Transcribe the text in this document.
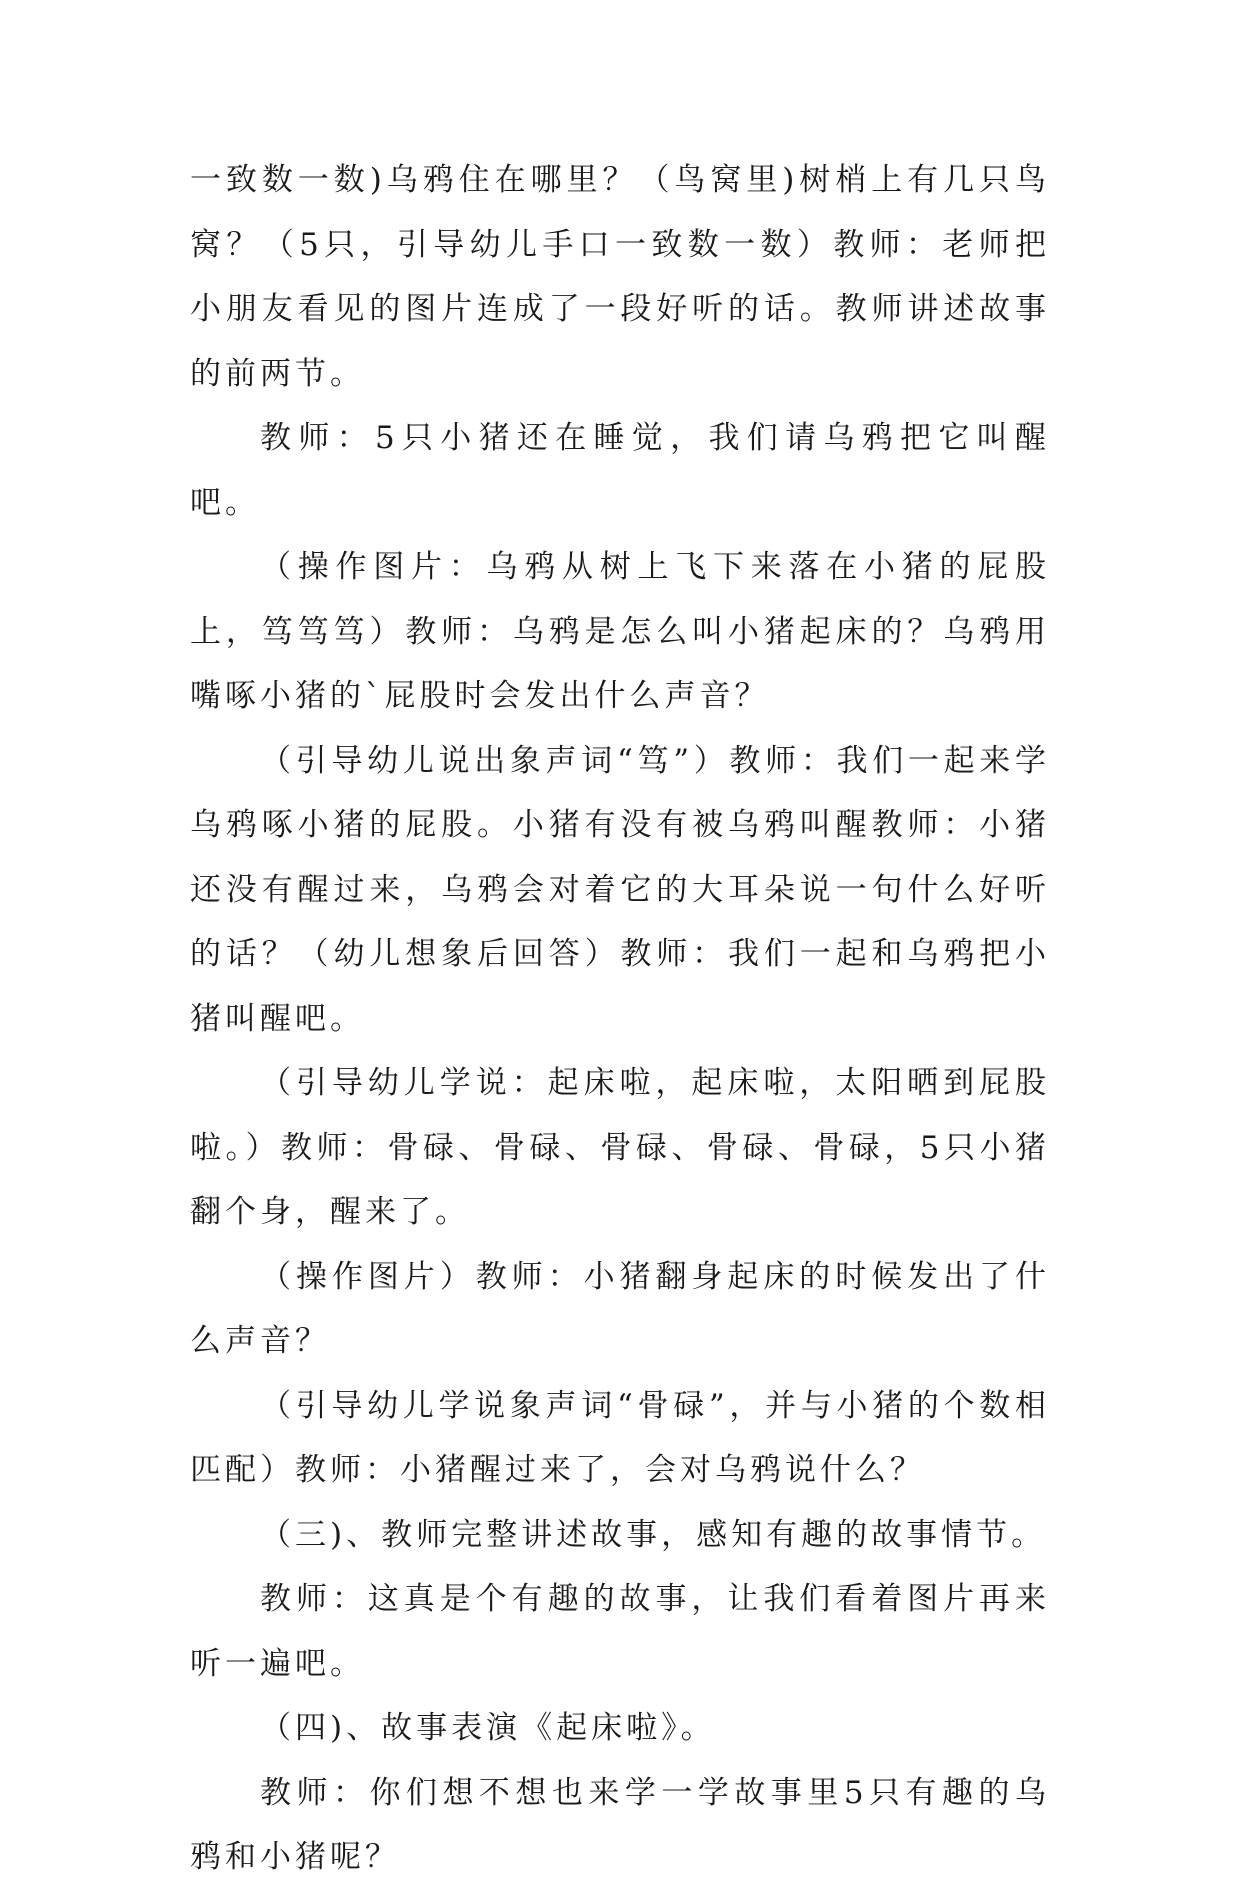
一致数一数)乌鸦住在哪里？（鸟窝里)树梢上有几只鸟窝？（5只，引导幼儿手口一致数一数）教师：老师把小朋友看见的图片连成了一段好听的话。教师讲述故事的前两节。

教师：5只小猪还在睡觉，我们请乌鸦把它叫醒吧。

（操作图片：乌鸦从树上飞下来落在小猪的屁股上，笃笃笃）教师：乌鸦是怎么叫小猪起床的？乌鸦用嘴啄小猪的`屁股时会发出什么声音？

（引导幼儿说出象声词“笃”）教师：我们一起来学乌鸦啄小猪的屁股。小猪有没有被乌鸦叫醒教师：小猪还没有醒过来，乌鸦会对着它的大耳朵说一句什么好听的话？（幼儿想象后回答）教师：我们一起和乌鸦把小猪叫醒吧。

（引导幼儿学说：起床啦，起床啦，太阳晒到屁股啦。）教师：骨碌、骨碌、骨碌、骨碌、骨碌，5只小猪翻个身，醒来了。

（操作图片）教师：小猪翻身起床的时候发出了什么声音？

（引导幼儿学说象声词“骨碌”，并与小猪的个数相匹配）教师：小猪醒过来了，会对乌鸦说什么？

（三)、教师完整讲述故事，感知有趣的故事情节。

教师：这真是个有趣的故事，让我们看着图片再来听一遍吧。

（四)、故事表演《起床啦》。

教师：你们想不想也来学一学故事里5只有趣的乌鸦和小猪呢？
